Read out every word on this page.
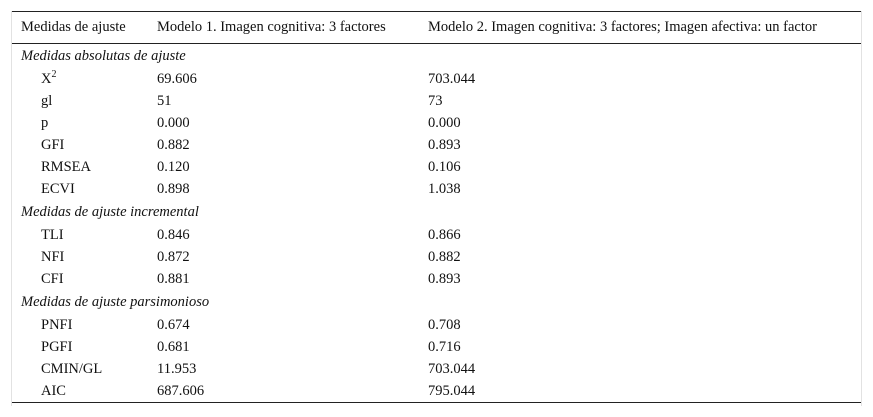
Medidas de ajuste	Modelo 1. Imagen cognitiva: 3 factores	Modelo 2. Imagen cognitiva: 3 factores; Imagen afectiva: un factor
Medidas absolutas de ajuste		
$X^2$	69.606	703.044
gl	51	73
p	0.000	0.000
GFI	0.882	0.893
RMSEA	0.120	0.106
ECVI	0.898	1.038
Medidas de ajuste incremental		
TLI	0.846	0.866
NFI	0.872	0.882
CFI	0.881	0.893
Medidas de ajuste parsimonioso		
PNFI	0.674	0.708
PGFI	0.681	0.716
CMIN/GL	11.953	703.044
AIC	687.606	795.044
